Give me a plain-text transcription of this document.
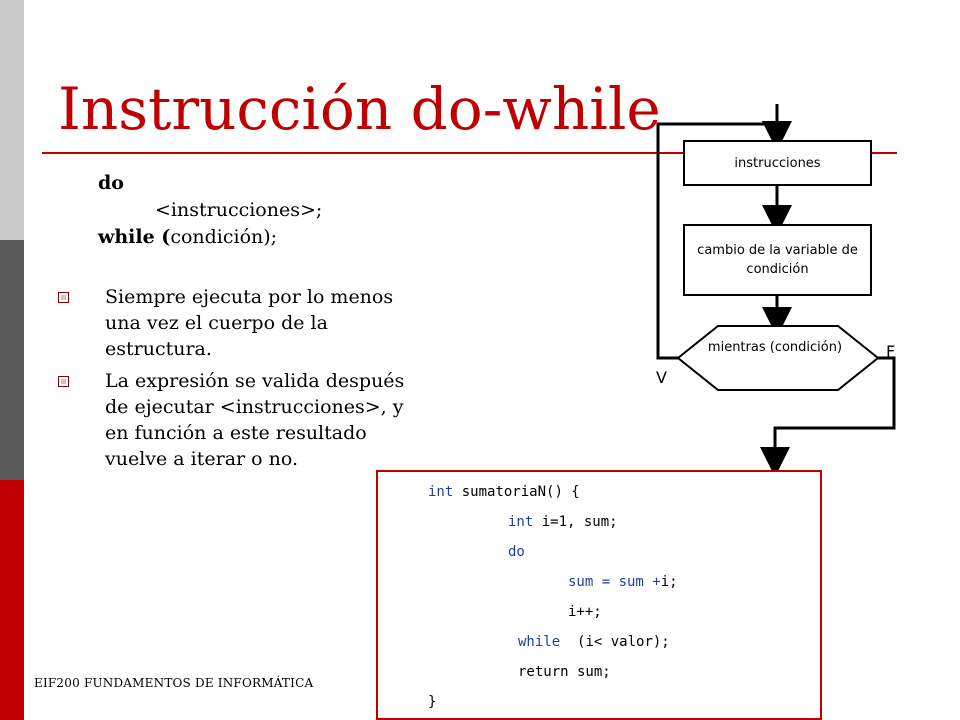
Instrucción do-while
do
<instrucciones>;
while (condición);
Siempre ejecuta por lo menos una vez el cuerpo de la estructura.
La expresión se valida después de ejecutar <instrucciones>, y en función a este resultado vuelve a iterar o no.
EIF200 FUNDAMENTOS DE INFORMÁTICA
instrucciones
cambio de la variable de condición
mientras (condición)
V
F
int sumatoriaN() {
int i=1, sum;
do
sum = sum +i;
i++;
while  (i< valor);
return sum;
}
